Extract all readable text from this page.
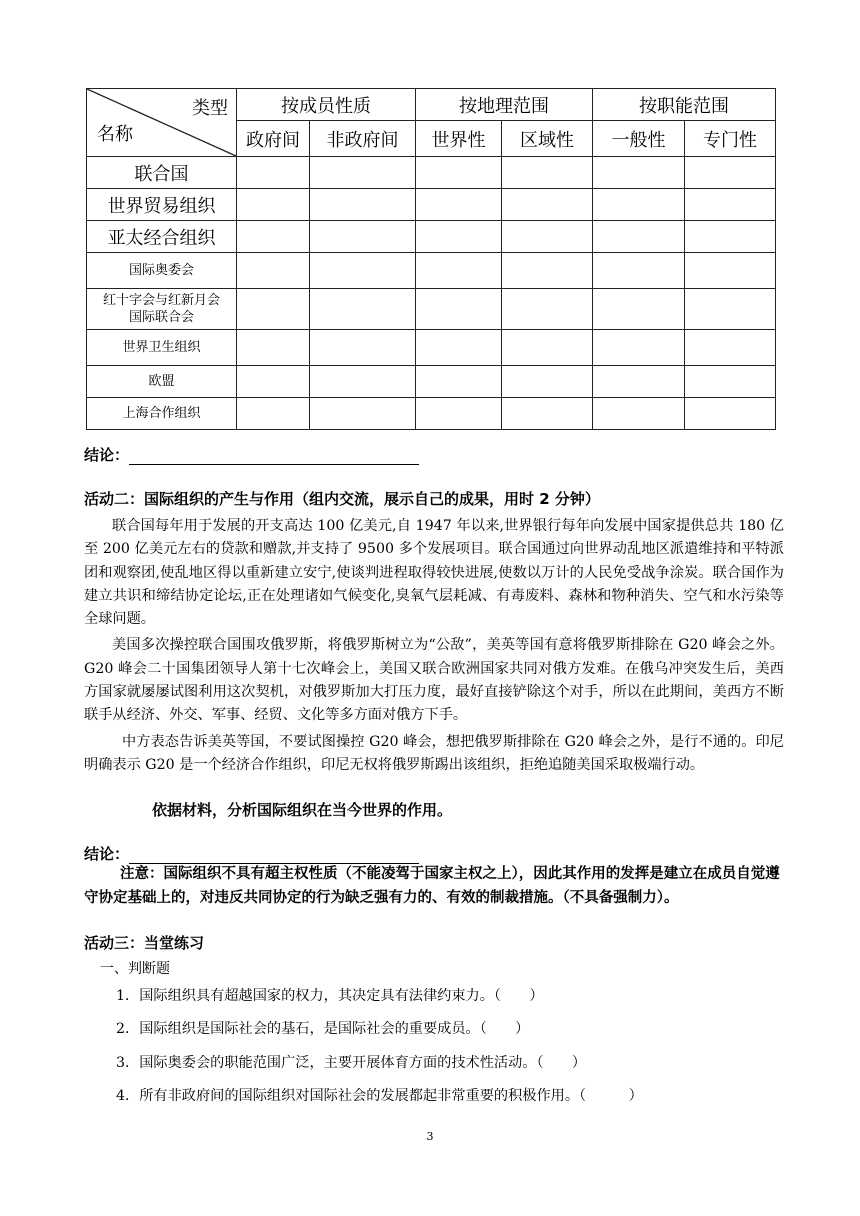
类型
名称	按成员性质		按地理范围		按职能范围	
	政府间	非政府间	世界性	区域性	一般性	专门性
联合国						
世界贸易组织						
亚太经合组织						
国际奥委会						

红十字会与红新月会
国际联合会						

世界卫生组织						
欧盟						
上海合作组织						
结论：
活动二：国际组织的产生与作用（组内交流，展示自己的成果，用时 2 分钟）

联合国每年用于发展的开支高达 100 亿美元,自 1947 年以来,世界银行每年向发展中国家提供总共 180 亿至 200 亿美元左右的贷款和赠款,并支持了 9500 多个发展项目。联合国通过向世界动乱地区派遣维持和平特派团和观察团,使乱地区得以重新建立安宁,使谈判进程取得较快进展,使数以万计的人民免受战争涂炭。联合国作为建立共识和缔结协定论坛,正在处理诸如气候变化,臭氧气层耗减、有毒废料、森林和物种消失、空气和水污染等全球问题。

美国多次操控联合国围攻俄罗斯，将俄罗斯树立为“公敌”，美英等国有意将俄罗斯排除在 G20 峰会之外。G20 峰会二十国集团领导人第十七次峰会上，美国又联合欧洲国家共同对俄方发难。在俄乌冲突发生后，美西方国家就屡屡试图利用这次契机，对俄罗斯加大打压力度，最好直接铲除这个对手，所以在此期间，美西方不断联手从经济、外交、军事、经贸、文化等多方面对俄方下手。

中方表态告诉美英等国，不要试图操控 G20 峰会，想把俄罗斯排除在 G20 峰会之外，是行不通的。印尼明确表示 G20 是一个经济合作组织，印尼无权将俄罗斯踢出该组织，拒绝追随美国采取极端行动。

依据材料，分析国际组织在当今世界的作用。
结论：
注意：国际组织不具有超主权性质（不能凌驾于国家主权之上），因此其作用的发挥是建立在成员自觉遵守协定基础上的，对违反共同协定的行为缺乏强有力的、有效的制裁措施。（不具备强制力）。
活动三：当堂练习
一、判断题
1．国际组织具有超越国家的权力，其决定具有法律约束力。（　　）
2．国际组织是国际社会的基石，是国际社会的重要成员。（　　）
3．国际奥委会的职能范围广泛，主要开展体育方面的技术性活动。（　　）
4．所有非政府间的国际组织对国际社会的发展都起非常重要的积极作用。（　　　）
3
